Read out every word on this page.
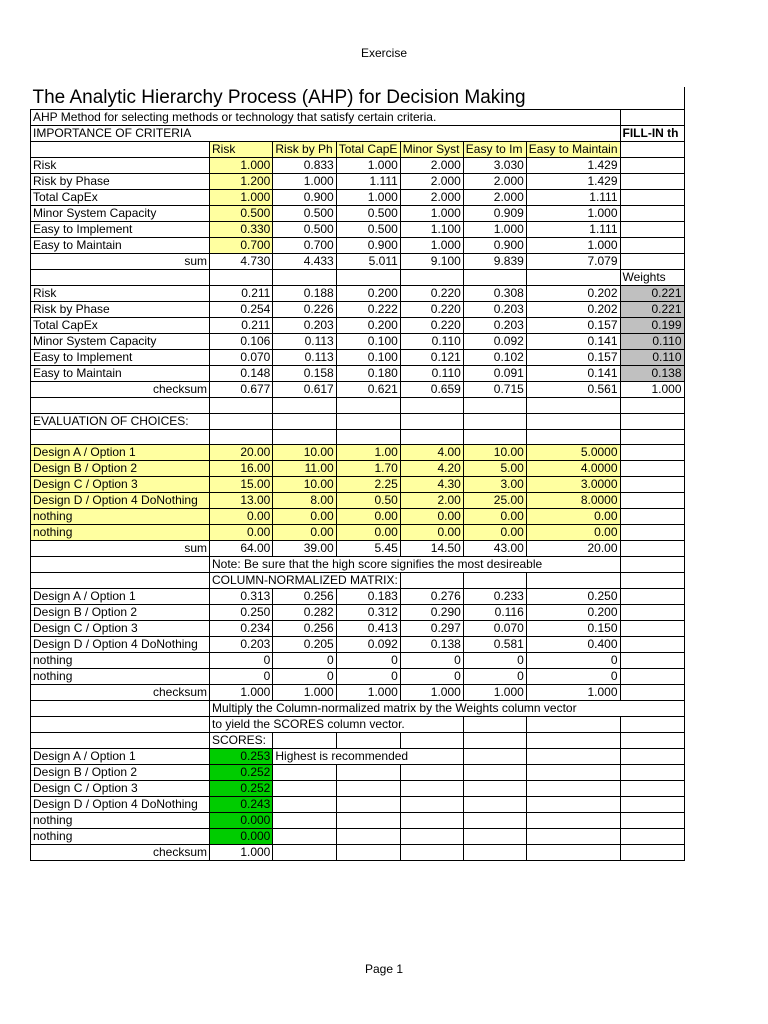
Exercise
The Analytic Hierarchy Process (AHP) for Decision Making							
AHP Method for selecting methods or technology that satisfy certain criteria.							
IMPORTANCE OF CRITERIA							FILL-IN th
	Risk	Risk by Ph	Total CapE	Minor Syst	Easy to Im	Easy to Maintain	
Risk	1.000	0.833	1.000	2.000	3.030	1.429	
Risk by Phase	1.200	1.000	1.111	2.000	2.000	1.429	
Total CapEx	1.000	0.900	1.000	2.000	2.000	1.111	
Minor System Capacity	0.500	0.500	0.500	1.000	0.909	1.000	
Easy to Implement	0.330	0.500	0.500	1.100	1.000	1.111	
Easy to Maintain	0.700	0.700	0.900	1.000	0.900	1.000	
sum	4.730	4.433	5.011	9.100	9.839	7.079	
							Weights
Risk	0.211	0.188	0.200	0.220	0.308	0.202	0.221
Risk by Phase	0.254	0.226	0.222	0.220	0.203	0.202	0.221
Total CapEx	0.211	0.203	0.200	0.220	0.203	0.157	0.199
Minor System Capacity	0.106	0.113	0.100	0.110	0.092	0.141	0.110
Easy to Implement	0.070	0.113	0.100	0.121	0.102	0.157	0.110
Easy to Maintain	0.148	0.158	0.180	0.110	0.091	0.141	0.138
checksum	0.677	0.617	0.621	0.659	0.715	0.561	1.000

EVALUATION OF CHOICES:							

Design A / Option 1	20.00	10.00	1.00	4.00	10.00	5.0000	
Design B / Option 2	16.00	11.00	1.70	4.20	5.00	4.0000	
Design C / Option 3	15.00	10.00	2.25	4.30	3.00	3.0000	
Design D / Option 4 DoNothing	13.00	8.00	0.50	2.00	25.00	8.0000	
nothing	0.00	0.00	0.00	0.00	0.00	0.00	
nothing	0.00	0.00	0.00	0.00	0.00	0.00	
sum	64.00	39.00	5.45	14.50	43.00	20.00	
	Note: Be sure that the high score signifies the most desireable						
	COLUMN-NORMALIZED MATRIX:						
Design A / Option 1	0.313	0.256	0.183	0.276	0.233	0.250	
Design B / Option 2	0.250	0.282	0.312	0.290	0.116	0.200	
Design C / Option 3	0.234	0.256	0.413	0.297	0.070	0.150	
Design D / Option 4 DoNothing	0.203	0.205	0.092	0.138	0.581	0.400	
nothing	0	0	0	0	0	0	
nothing	0	0	0	0	0	0	
checksum	1.000	1.000	1.000	1.000	1.000	1.000	
	Multiply the Column-normalized matrix by the Weights column vector						
	to yield the SCORES column vector.						
	SCORES:						
Design A / Option 1	0.253	Highest is recommended					
Design B / Option 2	0.252						
Design C / Option 3	0.252						
Design D / Option 4 DoNothing	0.243						
nothing	0.000						
nothing	0.000						
checksum	1.000						
Page 1
